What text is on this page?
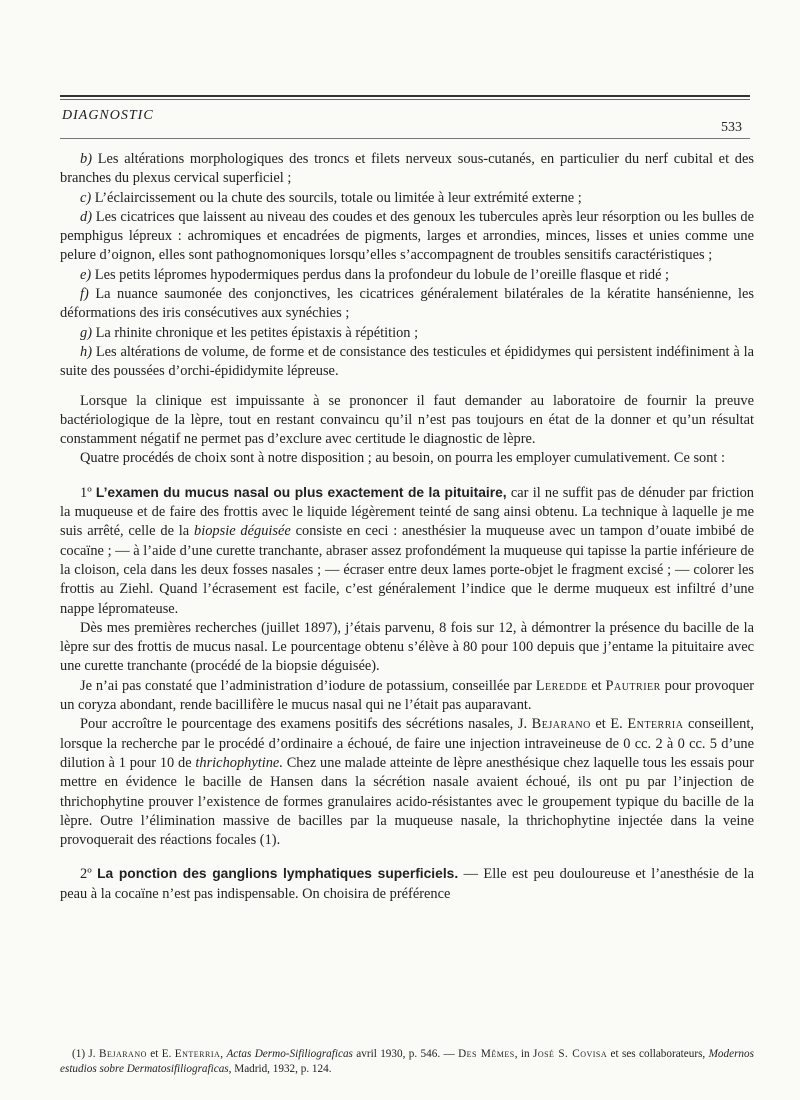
DIAGNOSTIC
533

b) Les altérations morphologiques des troncs et filets nerveux sous-cutanés, en particulier du nerf cubital et des branches du plexus cervical superficiel ;

c) L’éclaircissement ou la chute des sourcils, totale ou limitée à leur extrémité externe ;

d) Les cicatrices que laissent au niveau des coudes et des genoux les tubercules après leur résorption ou les bulles de pemphigus lépreux : achromiques et encadrées de pigments, larges et arrondies, minces, lisses et unies comme une pelure d’oignon, elles sont pathognomoniques lorsqu’elles s’accompagnent de troubles sensitifs caractéristiques ;

e) Les petits lépromes hypodermiques perdus dans la profondeur du lobule de l’oreille flasque et ridé ;

f) La nuance saumonée des conjonctives, les cicatrices généralement bilatérales de la kératite hansénienne, les déformations des iris consécutives aux synéchies ;

g) La rhinite chronique et les petites épistaxis à répétition ;

h) Les altérations de volume, de forme et de consistance des testicules et épididymes qui persistent indéfiniment à la suite des poussées d’orchi-épididymite lépreuse.

Lorsque la clinique est impuissante à se prononcer il faut demander au laboratoire de fournir la preuve bactériologique de la lèpre, tout en restant convaincu qu’il n’est pas toujours en état de la donner et qu’un résultat constamment négatif ne permet pas d’exclure avec certitude le diagnostic de lèpre.

Quatre procédés de choix sont à notre disposition ; au besoin, on pourra les employer cumulativement. Ce sont :

1º L’examen du mucus nasal ou plus exactement de la pituitaire, car il ne suffit pas de dénuder par friction la muqueuse et de faire des frottis avec le liquide légèrement teinté de sang ainsi obtenu. La technique à laquelle je me suis arrêté, celle de la biopsie déguisée consiste en ceci : anesthésier la muqueuse avec un tampon d’ouate imbibé de cocaïne ; — à l’aide d’une curette tranchante, abraser assez profondément la muqueuse qui tapisse la partie inférieure de la cloison, cela dans les deux fosses nasales ; — écraser entre deux lames porte-objet le fragment excisé ; — colorer les frottis au Ziehl. Quand l’écrasement est facile, c’est généralement l’indice que le derme muqueux est infiltré d’une nappe lépromateuse.

Dès mes premières recherches (juillet 1897), j’étais parvenu, 8 fois sur 12, à démontrer la présence du bacille de la lèpre sur des frottis de mucus nasal. Le pourcentage obtenu s’élève à 80 pour 100 depuis que j’entame la pituitaire avec une curette tranchante (procédé de la biopsie déguisée).

Je n’ai pas constaté que l’administration d’iodure de potassium, conseillée par Leredde et Pautrier pour provoquer un coryza abondant, rende bacillifère le mucus nasal qui ne l’était pas auparavant.

Pour accroître le pourcentage des examens positifs des sécrétions nasales, J. Bejarano et E. Enterria conseillent, lorsque la recherche par le procédé d’ordinaire a échoué, de faire une injection intraveineuse de 0 cc. 2 à 0 cc. 5 d’une dilution à 1 pour 10 de thrichophytine. Chez une malade atteinte de lèpre anesthésique chez laquelle tous les essais pour mettre en évidence le bacille de Hansen dans la sécrétion nasale avaient échoué, ils ont pu par l’injection de thrichophytine prouver l’existence de formes granulaires acido-résistantes avec le groupement typique du bacille de la lèpre. Outre l’élimination massive de bacilles par la muqueuse nasale, la thrichophytine injectée dans la veine provoquerait des réactions focales (1).

2º La ponction des ganglions lymphatiques superficiels. — Elle est peu douloureuse et l’anesthésie de la peau à la cocaïne n’est pas indispensable. On choisira de préférence

(1) J. Bejarano et E. Enterria, Actas Dermo-Sifiliograficas avril 1930, p. 546. — Des Mêmes, in José S. Covisa et ses collaborateurs, Modernos estudios sobre Dermatosifiliograficas, Madrid, 1932, p. 124.
